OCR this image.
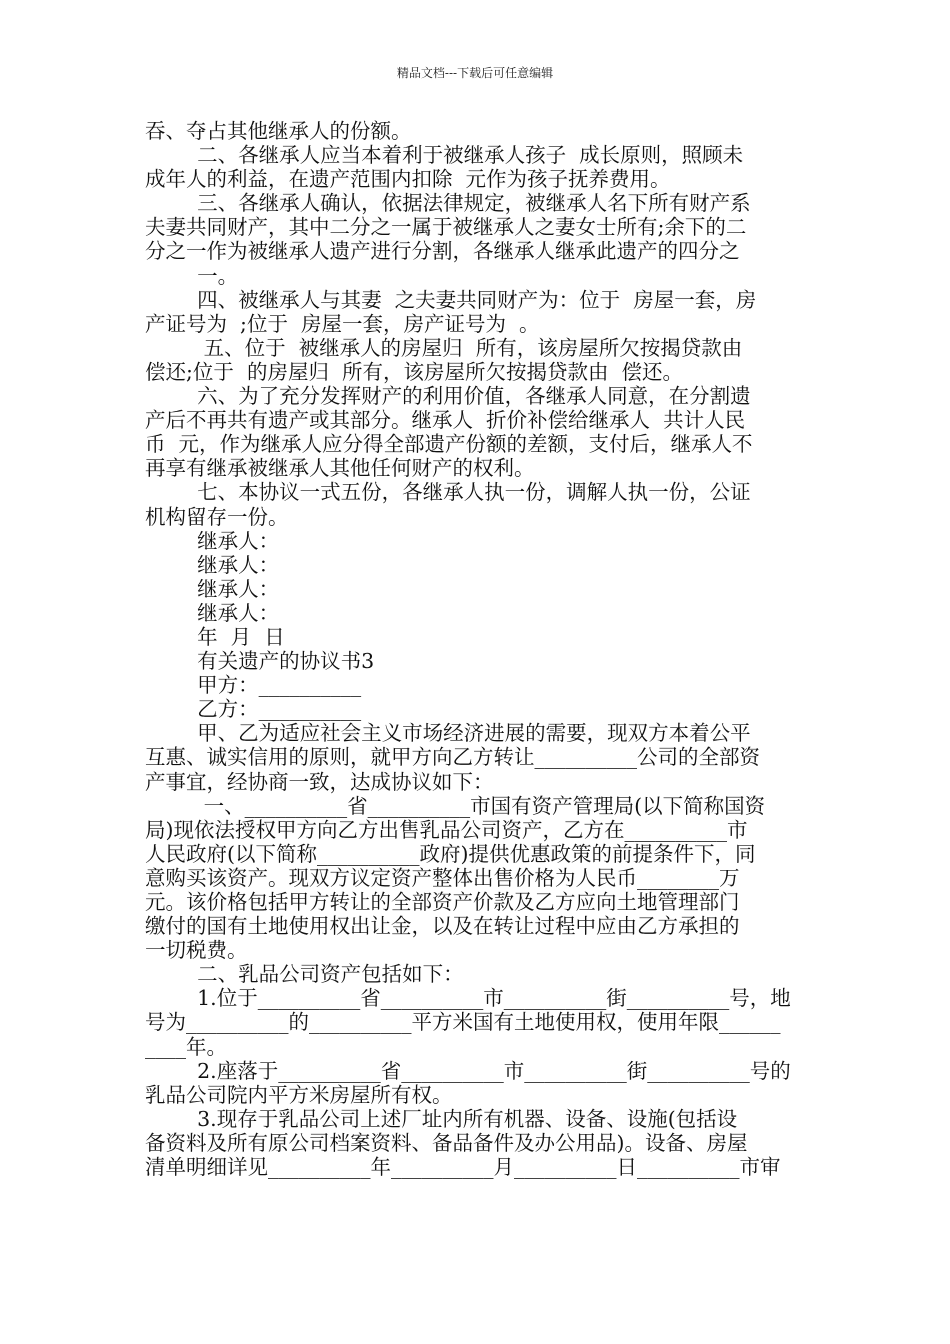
精品文档---下载后可任意编辑
吞、夺占其他继承人的份额。
二、各继承人应当本着利于被继承人孩子  成长原则，照顾未
成年人的利益，在遗产范围内扣除  元作为孩子抚养费用。
三、各继承人确认，依据法律规定，被继承人名下所有财产系
夫妻共同财产，其中二分之一属于被继承人之妻女士所有;余下的二
分之一作为被继承人遗产进行分割，各继承人继承此遗产的四分之
一。
四、被继承人与其妻  之夫妻共同财产为：位于  房屋一套，房
产证号为  ;位于  房屋一套，房产证号为  。
五、位于  被继承人的房屋归  所有，该房屋所欠按揭贷款由
偿还;位于  的房屋归  所有，该房屋所欠按揭贷款由  偿还。
六、为了充分发挥财产的利用价值，各继承人同意，在分割遗
产后不再共有遗产或其部分。继承人  折价补偿给继承人  共计人民
币  元，作为继承人应分得全部遗产份额的差额，支付后，继承人不
再享有继承被继承人其他任何财产的权利。
七、本协议一式五份，各继承人执一份，调解人执一份，公证
机构留存一份。
继承人：
继承人：
继承人：
继承人：
年  月  日
有关遗产的协议书3
甲方：__________
乙方：__________
甲、乙为适应社会主义市场经济进展的需要，现双方本着公平
互惠、诚实信用的原则，就甲方向乙方转让__________公司的全部资
产事宜，经协商一致，达成协议如下：
一、__________省__________市国有资产管理局(以下简称国资
局)现依法授权甲方向乙方出售乳品公司资产，乙方在__________市
人民政府(以下简称__________政府)提供优惠政策的前提条件下，同
意购买该资产。现双方议定资产整体出售价格为人民币________万
元。该价格包括甲方转让的全部资产价款及乙方应向土地管理部门
缴付的国有土地使用权出让金，以及在转让过程中应由乙方承担的
一切税费。
二、乳品公司资产包括如下：
1.位于__________省__________市__________街__________号，地
号为__________的__________平方米国有土地使用权，使用年限______
____年。
2.座落于__________省__________市__________街__________号的
乳品公司院内平方米房屋所有权。
3.现存于乳品公司上述厂址内所有机器、设备、设施(包括设
备资料及所有原公司档案资料、备品备件及办公用品)。设备、房屋
清单明细详见__________年__________月__________日__________市审
